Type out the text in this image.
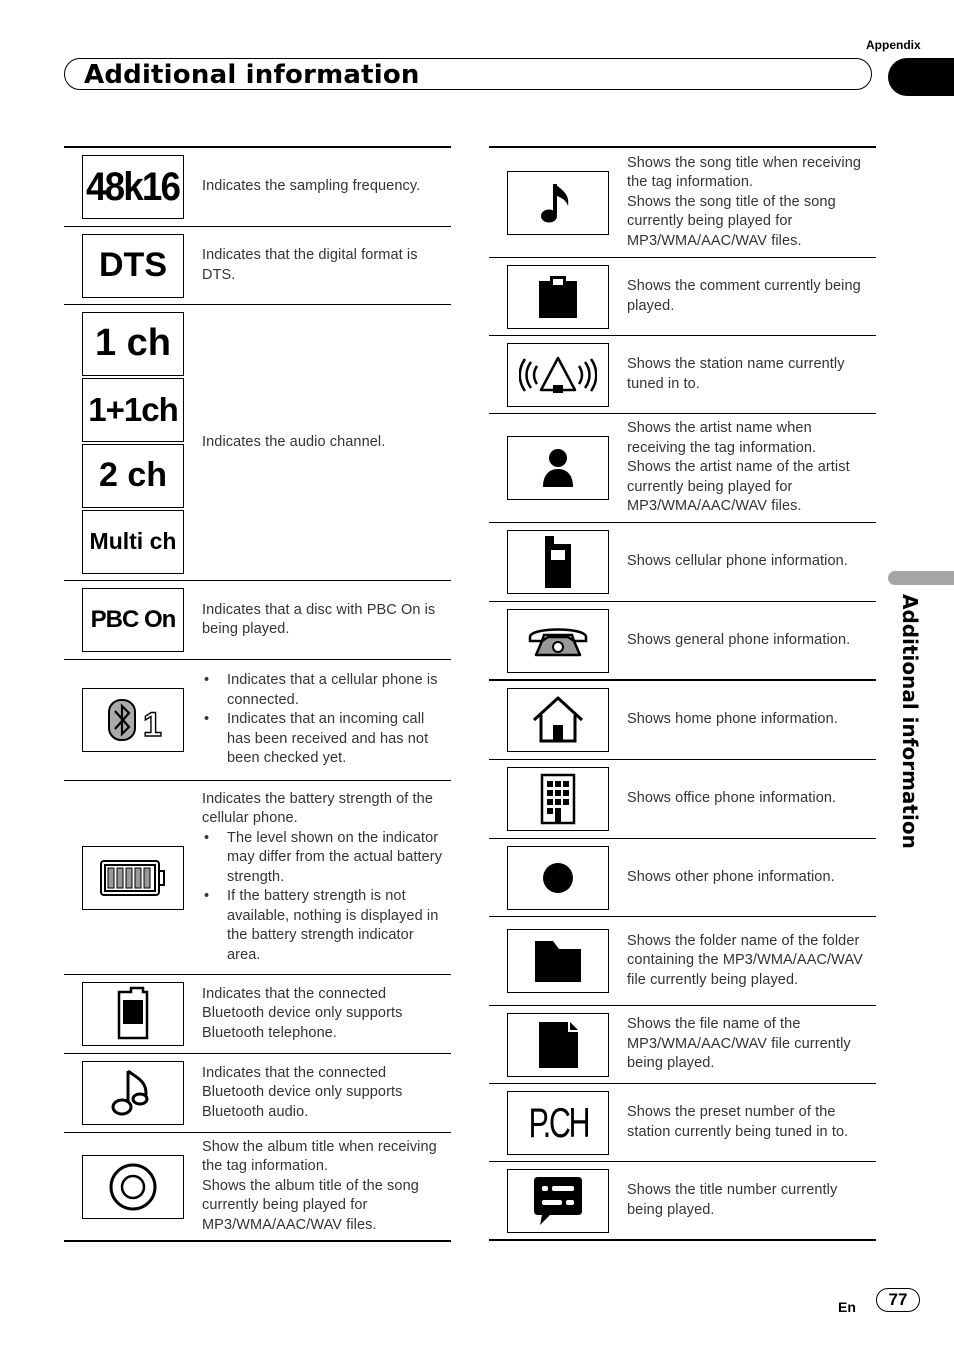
Appendix
Additional information
Additional information
48k16 Indicates the sampling frequency.

DTS Indicates that the digital format is DTS.

1 ch
1+1ch
2 ch
Multi ch

Indicates the audio channel.

PBC On Indicates that a disc with PBC On is being played.

1
• Indicates that a cellular phone is connected.
• Indicates that an incoming call has been received and has not been checked yet.

Indicates the battery strength of the cellular phone.

• The level shown on the indicator may differ from the actual battery strength.
• If the battery strength is not available, nothing is displayed in the battery strength indicator area.

Indicates that the connected Bluetooth device only supports Bluetooth telephone.

Indicates that the connected Bluetooth device only supports Bluetooth audio.

Show the album title when receiving the tag information.

Shows the album title of the song currently being played for MP3/WMA/AAC/WAV files.

Shows the song title when receiving the tag information.

Shows the song title of the song currently being played for MP3/WMA/AAC/WAV files.

Shows the comment currently being played.

Shows the station name currently tuned in to.

Shows the artist name when receiving the tag information.

Shows the artist name of the artist currently being played for MP3/WMA/AAC/WAV files.

Shows cellular phone information.

Shows general phone information.

Shows home phone information.

Shows office phone information.

Shows other phone information.

Shows the folder name of the folder containing the MP3/WMA/AAC/WAV file currently being played.

Shows the file name of the MP3/WMA/AAC/WAV file currently being played.

P.CH	Shows the preset number of the station currently being tuned in to.

Shows the title number currently being played.

En	77
